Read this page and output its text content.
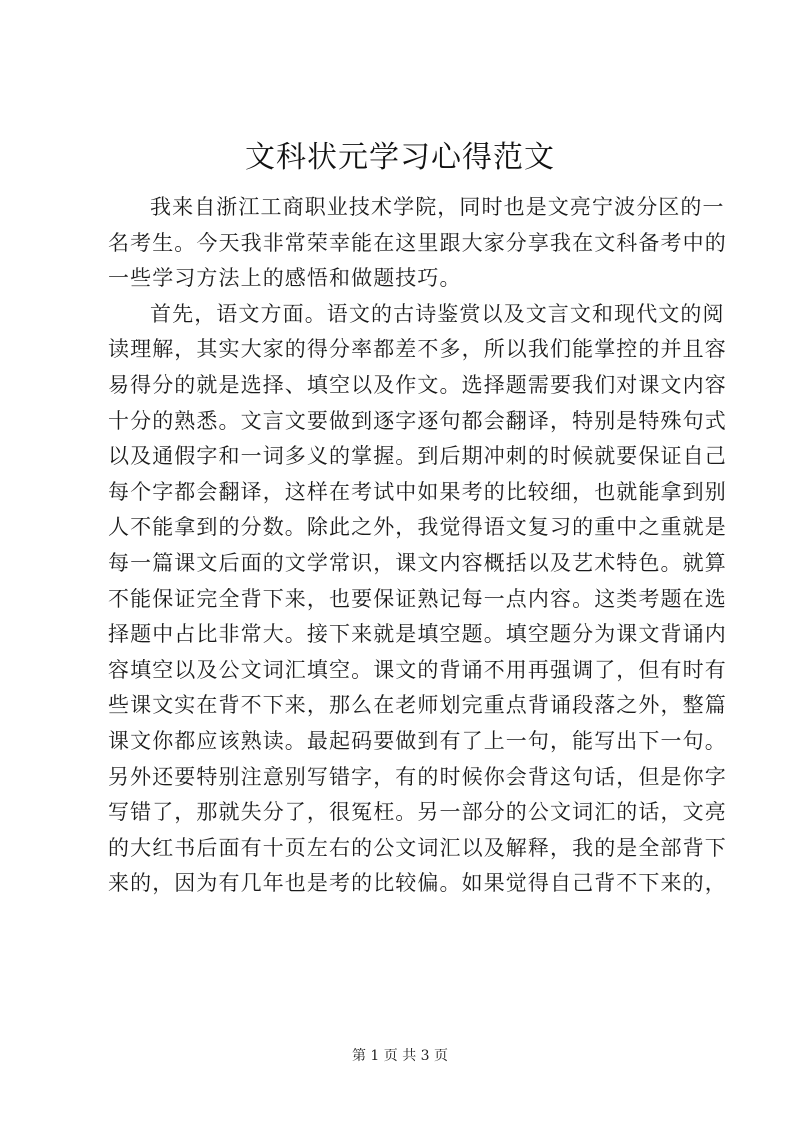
文科状元学习心得范文
我来自浙江工商职业技术学院，同时也是文亮宁波分区的一
名考生。今天我非常荣幸能在这里跟大家分享我在文科备考中的
一些学习方法上的感悟和做题技巧。
首先，语文方面。语文的古诗鉴赏以及文言文和现代文的阅
读理解，其实大家的得分率都差不多，所以我们能掌控的并且容
易得分的就是选择、填空以及作文。选择题需要我们对课文内容
十分的熟悉。文言文要做到逐字逐句都会翻译，特别是特殊句式
以及通假字和一词多义的掌握。到后期冲刺的时候就要保证自己
每个字都会翻译，这样在考试中如果考的比较细，也就能拿到别
人不能拿到的分数。除此之外，我觉得语文复习的重中之重就是
每一篇课文后面的文学常识，课文内容概括以及艺术特色。就算
不能保证完全背下来，也要保证熟记每一点内容。这类考题在选
择题中占比非常大。接下来就是填空题。填空题分为课文背诵内
容填空以及公文词汇填空。课文的背诵不用再强调了，但有时有
些课文实在背不下来，那么在老师划完重点背诵段落之外，整篇
课文你都应该熟读。最起码要做到有了上一句，能写出下一句。
另外还要特别注意别写错字，有的时候你会背这句话，但是你字
写错了，那就失分了，很冤枉。另一部分的公文词汇的话，文亮
的大红书后面有十页左右的公文词汇以及解释，我的是全部背下
来的，因为有几年也是考的比较偏。如果觉得自己背不下来的，
第 1 页 共 3 页
